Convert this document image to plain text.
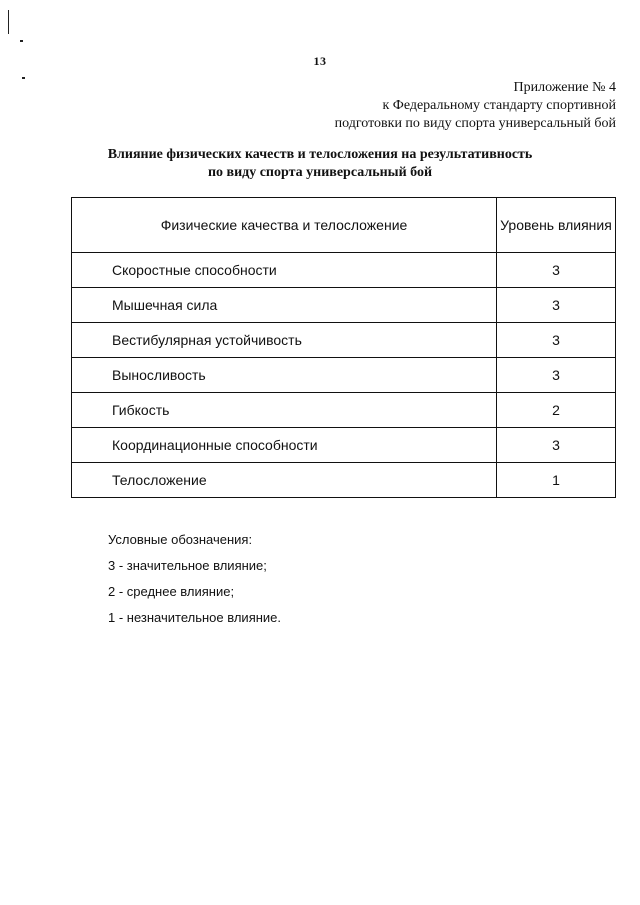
13
Приложение № 4
к Федеральному стандарту спортивной
подготовки по виду спорта универсальный бой
Влияние физических качеств и телосложения на результативность
по виду спорта универсальный бой
Физические качества и телосложение	Уровень влияния
Скоростные способности	3
Мышечная сила	3
Вестибулярная устойчивость	3
Выносливость	3
Гибкость	2
Координационные способности	3
Телосложение	1
Условные обозначения:
3 - значительное влияние;
2 - среднее влияние;
1 - незначительное влияние.
